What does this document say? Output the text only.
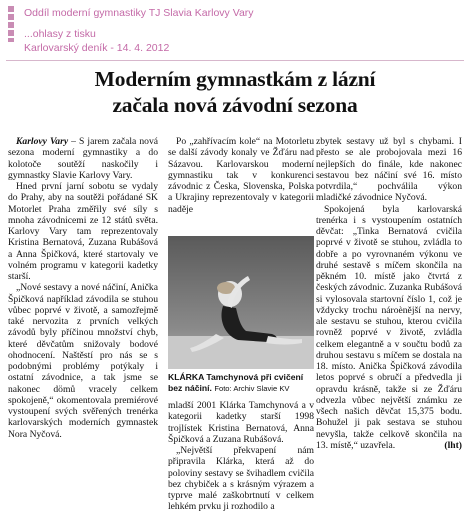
Oddíl moderní gymnastiky TJ Slavia Karlovy Vary
...ohlasy z tisku
Karlovarský deník - 14. 4. 2012
Moderním gymnastkám z lázní
začala nová závodní sezona

Karlovy Vary – S jarem začala nová sezona moderní gymnastiky a do kolotoče soutěží naskočily i gymnastky Slavie Karlovy Vary.

Hned první jarní sobotu se vydaly do Prahy, aby na soutěži pořádané SK Motorlet Praha změřily své síly s mnoha závodnicemi ze 12 států světa. Karlovy Vary tam reprezentovaly Kristina Bernatová, Zuzana Rubášová a Anna Špičková, které startovaly ve volném programu v kategorii kadetky starší.

„Nové sestavy a nové náčiní, Anička Špičková například závodila se stuhou vůbec poprvé v životě, a samozřejmě také nervozita z prvních velkých závodů byly příčinou množství chyb, které děvčatům snižovaly bodové ohodnocení. Naštěstí pro nás se s podobnými problémy potýkaly i ostatní závodnice, a tak jsme se nakonec dömů vracely celkem spokojeně,“ okomentovala premiérové vystoupení svých svěřených trenérka karlovarských moderních gymnastek Nora Nyčová.

Po „zahřívacím kole“ na Motorletu se další závody konaly ve Žďáru nad Sázavou. Karlovarskou moderní gymnastiku tak v konkurenci závodnic z Česka, Slovenska, Polska a Ukrajiny reprezentovaly v kategorii naděje

KLÁRKA Tamchynová při cvičení bez náčiní. Foto: Archiv Slavie KV

mladší 2001 Klárka Tamchynová a v kategorii kadetky starší 1998 trojlístek Kristina Bernatová, Anna Špičková a Zuzana Rubášová.

„Největší překvapení nám připravila Klárka, která až do poloviny sestavy se švihadlem cvičila bez chybiček a s krásným výrazem a typrve malé zaškobrtnutí v celkem lehkém prvku ji rozhodilo a

zbytek sestavy už byl s chybami. I přesto se ale probojovala mezi 16 nejlepších do finále, kde nakonec sestavou bez náčiní své 16. místo potvrdila,“ pochválila výkon mladičké závodnice Nyčová.

Spokojená byla karlovarská trenérka i s vystoupením ostatních děvčat: „Tinka Bernatová cvičila poprvé v životě se stuhou, zvládla to dobře a po vyrovnaném výkonu ve druhé sestavě s míčem skončila na pěkném 10. místě jako čtvrtá z českých závodnic. Zuzanka Rubášová si vylosovala startovní číslo 1, což je vždycky trochu nároènější na nervy, ale sestavu se stuhou, kterou cvičila rovněž poprvé v životě, zvládla celkem elegantně a v součtu bodů za druhou sestavu s míčem se dostala na 18. místo. Anička Špičková závodila letos poprvé s obručí a předvedla ji opravdu krásně, takže si ze Žďáru odvezla vůbec největší známku ze všech našich děvčat 15,375 bodu. Bohužel ji pak sestava se stuhou nevyšla, takže celkově skončila na 13. místě,“ uzavřela.	(lht)
